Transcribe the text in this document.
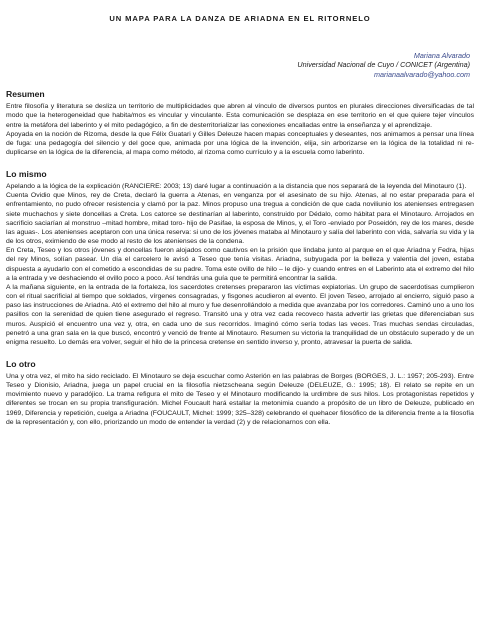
UN MAPA PARA LA DANZA DE ARIADNA EN EL RITORNELO
Mariana Alvarado
Universidad Nacional de Cuyo / CONICET (Argentina)
marianaalvarado@yahoo.com
Resumen

Entre filosofía y literatura se desliza un territorio de multiplicidades que abren al vínculo de diversos puntos en plurales direcciones diversificadas de tal modo que la heterogeneidad que habita/mos es vincular y vinculante. Esta comunicación se desplaza en ese territorio en el que quiere tejer vínculos entre la metáfora del laberinto y el mito pedagógico, a fin de desterritorializar las conexiones encalladas entre la enseñanza y el aprendizaje.

Apoyada en la noción de Rizoma, desde la que Félix Guatari y Gilles Deleuze hacen mapas conceptuales y deseantes, nos animamos a pensar una línea de fuga: una pedagogía del silencio y del goce que, animada por una lógica de la invención, elija, sin arborizarse en la lógica de la totalidad ni re-duplicarse en la lógica de la diferencia, al mapa como método, al rizoma como currículo y a la escuela como laberinto.

Lo mismo

Apelando a la lógica de la explicación (RANCIERE: 2003; 13) daré lugar a continuación a la distancia que nos separará de la leyenda del Minotauro (1).

Cuenta Ovidio que Minos, rey de Creta, declaró la guerra a Atenas, en venganza por el asesinato de su hijo. Atenas, al no estar preparada para el enfrentamiento, no pudo ofrecer resistencia y clamó por la paz. Minos propuso una tregua a condición de que cada noviliunio los atenienses entregasen siete muchachos y siete doncellas a Creta. Los catorce se destinarían al laberinto, construido por Dédalo, como hábitat para el Minotauro. Arrojados en sacrificio saciarían al monstruo –mitad hombre, mitad toro- hijo de Pasifae, la esposa de Minos, y, el Toro -enviado por Poseidón, rey de los mares, desde las aguas-. Los atenienses aceptaron con una única reserva: si uno de los jóvenes mataba al Minotauro y salía del laberinto con vida, salvaría su vida y la de los otros, eximiendo de ese modo al resto de los atenienses de la condena.

En Creta, Teseo y los otros jóvenes y doncellas fueron alojados como cautivos en la prisión que lindaba junto al parque en el que Ariadna y Fedra, hijas del rey Minos, solían pasear. Un día el carcelero le avisó a Teseo que tenía visitas. Ariadna, subyugada por la belleza y valentía del joven, estaba dispuesta a ayudarlo con el cometido a escondidas de su padre. Toma este ovillo de hilo – le dijo- y cuando entres en el Laberinto ata el extremo del hilo a la entrada y ve deshaciendo el ovillo poco a poco. Así tendrás una guía que te permitirá encontrar la salida.

A la mañana siguiente, en la entrada de la fortaleza, los sacerdotes cretenses prepararon las víctimas expiatorias. Un grupo de sacerdotisas cumplieron con el ritual sacrificial al tiempo que soldados, vírgenes consagradas, y fisgones acudieron al evento. El joven Teseo, arrojado al encierro, siguió paso a paso las instrucciones de Ariadna. Ató el extremo del hilo al muro y fue desenrollándolo a medida que avanzaba por los corredores. Caminó uno a uno los pasillos con la serenidad de quien tiene asegurado el regreso. Transitó una y otra vez cada recoveco hasta advertir las grietas que diferenciaban sus muros. Auspició el encuentro una vez y, otra, en cada uno de sus recorridos. Imaginó cómo sería todas las veces. Tras muchas sendas circuladas, penetró a una gran sala en la que buscó, encontró y venció de frente al Minotauro. Resumen su victoria la tranquilidad de un obstáculo superado y de un enigma resuelto. Lo demás era volver, seguir el hilo de la princesa cretense en sentido inverso y, pronto, atravesar la puerta de salida.

Lo otro

Una y otra vez, el mito ha sido reciclado. El Minotauro se deja escuchar como Asterión en las palabras de Borges (BORGES, J. L.: 1957; 205-293). Entre Teseo y Dionisio, Ariadna, juega un papel crucial en la filosofía nietzscheana según Deleuze (DELEUZE, G.: 1995; 18). El relato se repite en un movimiento nuevo y paradójico. La trama refigura el mito de Teseo y el Minotauro modificando la urdimbre de sus hilos. Los protagonistas repetidos y diferentes se trocan en su propia transfiguración. Michel Foucault hará estallar la metonimia cuando a propósito de un libro de Deleuze, publicado en 1969, Diferencia y repetición, cuelga a Ariadna (FOUCAULT, Michel: 1999; 325–328) celebrando el quehacer filosófico de la diferencia frente a la filosofía de la representación y, con ello, priorizando un modo de entender la verdad (2) y de relacionarnos con ella.
